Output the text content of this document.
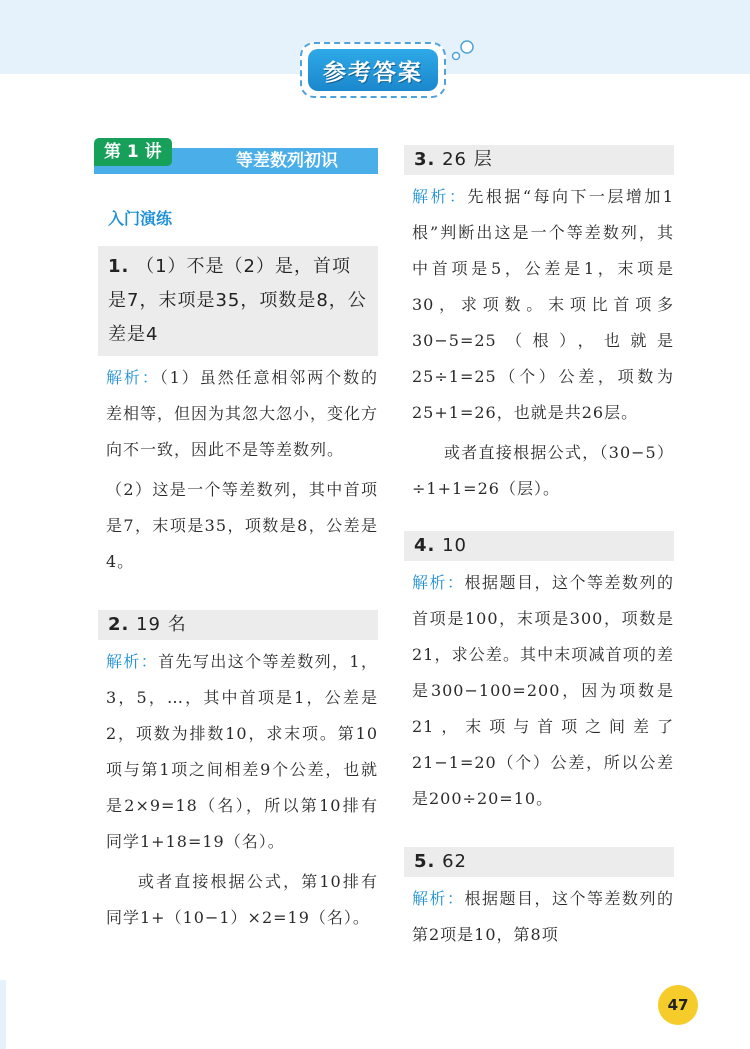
参考答案
第 1 讲	等差数列初识
入门演练
1. （1）不是（2）是，首项是7，末项是35，项数是8，公差是4
解析：（1）虽然任意相邻两个数的差相等，但因为其忽大忽小，变化方向不一致，因此不是等差数列。
（2）这是一个等差数列，其中首项是7，末项是35，项数是8，公差是4。
2. 19 名
解析：首先写出这个等差数列，1，3，5，…，其中首项是1，公差是2，项数为排数10，求末项。第10项与第1项之间相差9个公差，也就是2×9=18（名），所以第10排有同学1+18=19（名）。
或者直接根据公式，第10排有同学1+（10−1）×2=19（名）。
3. 26 层
解析：先根据“每向下一层增加1根”判断出这是一个等差数列，其中首项是5，公差是1，末项是30，求项数。末项比首项多30−5=25（根），也就是25÷1=25（个）公差，项数为25+1=26，也就是共26层。
或者直接根据公式，（30−5）÷1+1=26（层）。
4. 10
解析：根据题目，这个等差数列的首项是100，末项是300，项数是21，求公差。其中末项减首项的差是300−100=200，因为项数是21，末项与首项之间差了21−1=20（个）公差，所以公差是200÷20=10。
5. 62
解析：根据题目，这个等差数列的第2项是10，第8项
47
